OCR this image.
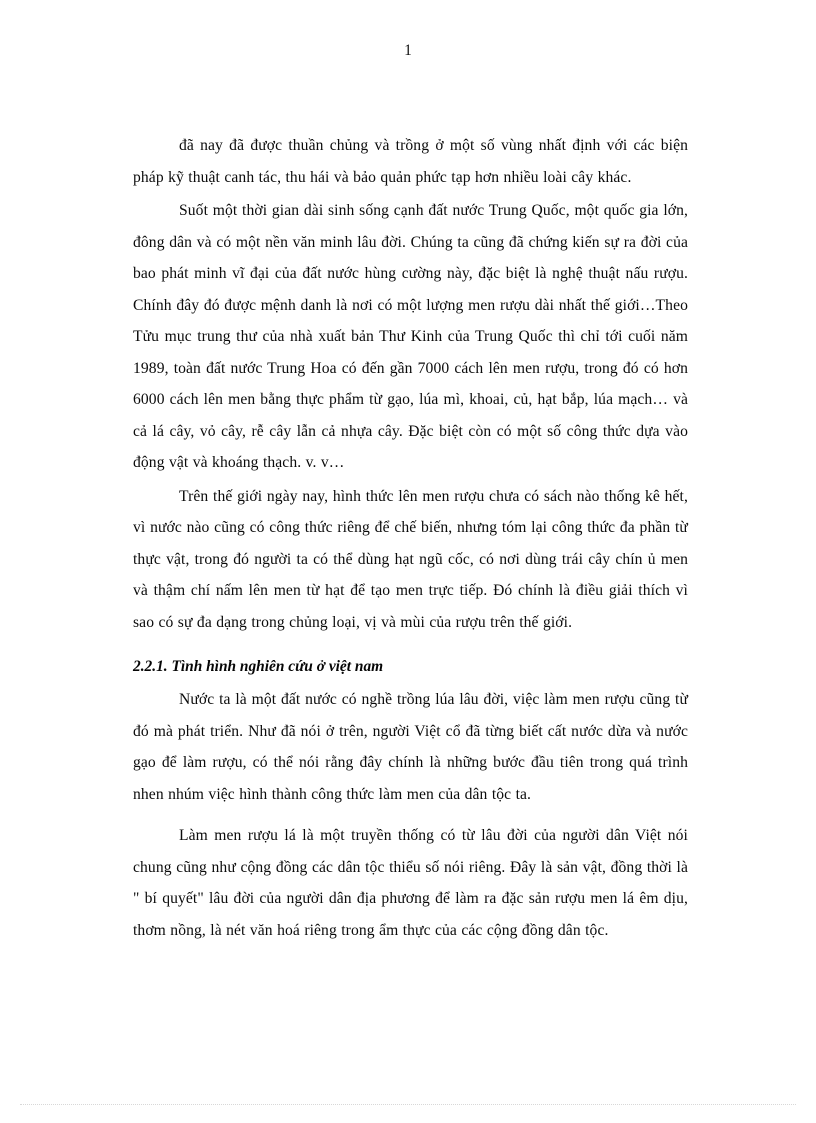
1

đã nay đã được thuần chủng và trồng ở một số vùng nhất định với các biện pháp kỹ thuật canh tác, thu hái và bảo quản phức tạp hơn nhiều loài cây khác.

Suốt một thời gian dài sinh sống cạnh đất nước Trung Quốc, một quốc gia lớn, đông dân và có một nền văn minh lâu đời. Chúng ta cũng đã chứng kiến sự ra đời của bao phát minh vĩ đại của đất nước hùng cường này, đặc biệt là nghệ thuật nấu rượu. Chính đây đó được mệnh danh là nơi có một lượng men rượu dài nhất thế giới…Theo Tửu mục trung thư của nhà xuất bản Thư Kinh của Trung Quốc thì chỉ tới cuối năm 1989, toàn đất nước Trung Hoa có đến gần 7000 cách lên men rượu, trong đó có hơn 6000 cách lên men bằng thực phẩm từ gạo, lúa mì, khoai, củ, hạt bắp, lúa mạch… và cả lá cây, vỏ cây, rễ cây lẫn cả nhựa cây. Đặc biệt còn có một số công thức dựa vào động vật và khoáng thạch. v. v…

Trên thế giới ngày nay, hình thức lên men rượu chưa có sách nào thống kê hết, vì nước nào cũng có công thức riêng để chế biến, nhưng tóm lại công thức đa phần từ thực vật, trong đó người ta có thể dùng hạt ngũ cốc, có nơi dùng trái cây chín ủ men và thậm chí nấm lên men từ hạt để tạo men trực tiếp. Đó chính là điều giải thích vì sao có sự đa dạng trong chủng loại, vị và mùi của rượu trên thế giới.

2.2.1. Tình hình nghiên cứu ở việt nam

Nước ta là một đất nước có nghề trồng lúa lâu đời, việc làm men rượu cũng từ đó mà phát triển. Như đã nói ở trên, người Việt cổ đã từng biết cất nước dừa và nước gạo để làm rượu, có thể nói rằng đây chính là những bước đầu tiên trong quá trình nhen nhúm việc hình thành công thức làm men của dân tộc ta.

Làm men rượu lá là một truyền thống có từ lâu đời của người dân Việt nói chung cũng như cộng đồng các dân tộc thiểu số nói riêng. Đây là sản vật, đồng thời là " bí quyết" lâu đời của người dân địa phương để làm ra đặc sản rượu men lá êm dịu, thơm nồng, là nét văn hoá riêng trong ẩm thực của các cộng đồng dân tộc.
